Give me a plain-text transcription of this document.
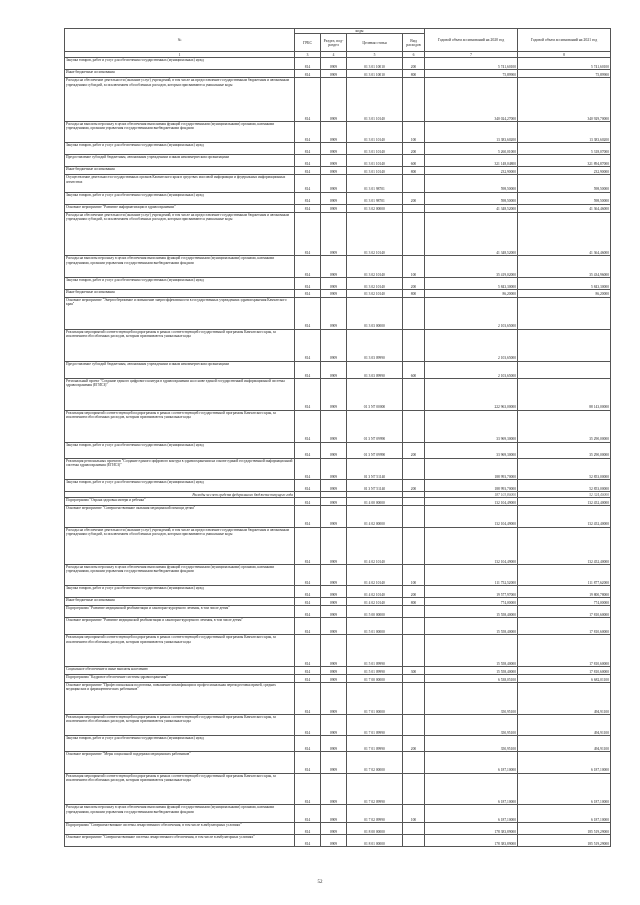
№	коды				Годовой объем ассигнований на 2020 год	Годовой объем ассигнований на 2021 год
	ГРБС	Раздел, под-раздел	Целевая статья	Вид расходов		
1	3	4	5	6	7	8
Закупка товаров, работ и услуг для обеспечения государственных (муниципальных) нужд	814	0909	01 3 01 10010	200	5 741,60100	5 741,60100
Иные бюджетные ассигнования	814	0909	01 3 01 10010	800	75,89900	75,89900
Расходы на обеспечение деятельности (оказание услуг) учреждений, в том числе на предоставление государственным бюджетным и автономным учреждениям субсидий, за исключением обособленных расходов, которым присваиваются уникальные коды	814	0909	01 3 01 10140		340 024,27000	340 929,70000
Расходы на выплаты персоналу в целях обеспечения выполнения функций государственными (муниципальными) органами, казенными учреждениями, органами управления государственными внебюджетными фондами	814	0909	01 3 01 10140	100	13 383,60200	13 383,60200
Закупка товаров, работ и услуг для обеспечения государственных (муниципальных) нужд	814	0909	01 3 01 10140	200	5 260,01000	5 318,07000
Предоставление субсидий бюджетным, автономным учреждениям и иным некоммерческим организациям	814	0909	01 3 01 10140	600	321 148,04800	321 894,87000
Иные бюджетные ассигнования	814	0909	01 3 01 10140	800	232,90000	232,90000
Осуществление деятельности государственных органов Камчатского края в средствах массовой информации и федеральных информационных агентствах	814	0909	01 3 01 98701		598,50000	598,50000
Закупка товаров, работ и услуг для обеспечения государственных (муниципальных) нужд	814	0909	01 3 01 98701	200	598,50000	598,50000
Основное мероприятие "Развитие информатизации в здравоохранении"	814	0909	01 3 02 00000		41 348,52000	41 364,46000
Расходы на обеспечение деятельности (оказание услуг) учреждений, в том числе на предоставление государственным бюджетным и автономным учреждениям субсидий, за исключением обособленных расходов, которым присваиваются уникальные коды	814	0909	01 3 02 10140		41 348,52000	41 364,46000
Расходы на выплаты персоналу в целях обеспечения выполнения функций государственными (муниципальными) органами, казенными учреждениями, органами управления государственными внебюджетными фондами	814	0909	01 3 02 10140	100	35 419,02000	35 434,96000
Закупка товаров, работ и услуг для обеспечения государственных (муниципальных) нужд	814	0909	01 3 02 10140	200	5 843,30000	5 843,30000
Иные бюджетные ассигнования	814	0909	01 3 02 10140	800	86,20000	86,20000
Основное мероприятие "Энергосбережение и повышение энергоэффективности в государственных учреждениях здравоохранения Камчатского края"	814	0909	01 3 03 00000		2 103,65000	
Реализация мероприятий соответствующей подпрограммы в рамках соответствующей государственной программы Камчатского края, за исключением обособленных расходов, которым присваиваются уникальные коды	814	0909	01 3 03 09990		2 103,65000	
Предоставление субсидий бюджетным, автономным учреждениям и иным некоммерческим организациям	814	0909	01 3 03 09990	600	2 103,65000	
Региональный проект "Создание единого цифрового контура в здравоохранении на основе единой государственной информационной системы здравоохранения (ЕГИСЗ)"	814	0909	01 3 N7 00000		222 963,00000	88 143,00000
Реализация мероприятий соответствующей подпрограммы в рамках соответствующей государственной программы Камчатского края, за исключением обособленных расходов, которым присваиваются уникальные коды	814	0909	01 3 N7 09990		33 969,30000	35 290,00000
Закупка товаров, работ и услуг для обеспечения государственных (муниципальных) нужд	814	0909	01 3 N7 09990	200	33 969,30000	35 290,00000
Реализация региональных проектов "Создание единого цифрового контура в здравоохранении на основе единой государственной информационной системы здравоохранения (ЕГИСЗ)"	814	0909	01 3 N7 51140		188 993,70000	52 853,00000
Закупка товаров, работ и услуг для обеспечения государственных (муниципальных) нужд	814	0909	01 3 N7 51140	200	188 993,70000	52 853,00000
Расходы за счет средств федерального бюджета текущего года					187 103,80000	52 324,40000
Подпрограмма "Охрана здоровья матери и ребенка"	814	0909	01 4 00 00000		132 104,49000	132 452,40000
Основное мероприятие "Совершенствование оказания медицинской помощи детям"	814	0909	01 4 02 00000		132 104,49000	132 452,40000
Расходы на обеспечение деятельности (оказание услуг) учреждений, в том числе на предоставление государственным бюджетным и автономным учреждениям субсидий, за исключением обособленных расходов, которым присваиваются уникальные коды	814	0909	01 4 02 10140		132 104,49000	132 452,40000
Расходы на выплаты персоналу в целях обеспечения выполнения функций государственными (муниципальными) органами, казенными учреждениями, органами управления государственными внебюджетными фондами	814	0909	01 4 02 10140	100	111 752,52000	111 877,62000
Закупка товаров, работ и услуг для обеспечения государственных (муниципальных) нужд	814	0909	01 4 02 10140	200	19 577,97000	19 800,78000
Иные бюджетные ассигнования	814	0909	01 4 02 10140	800	774,00000	774,00000
Подпрограмма "Развитие медицинской реабилитации и санаторно-курортного лечения, в том числе детям"	814	0909	01 5 00 00000		15 558,40000	17 810,60000
Основное мероприятие "Развитие медицинской реабилитации и санаторно-курортного лечения, в том числе детям"	814	0909	01 5 01 00000		15 558,40000	17 810,60000
Реализация мероприятий соответствующей подпрограммы в рамках соответствующей государственной программы Камчатского края, за исключением обособленных расходов, которым присваиваются уникальные коды	814	0909	01 5 01 09990		15 558,40000	17 810,60000
Социальное обеспечение и иные выплаты населению	814	0909	01 5 01 09990	300	15 558,40000	17 810,60000
Подпрограмма "Кадровое обеспечение системы здравоохранения"	814	0909	01 7 00 00000		6 538,05100	6 682,01100
Основное мероприятие "Профессиональная подготовка, повышение квалификации и профессиональная переподготовка врачей, средних медицинских и фармацевтических работников"	814	0909	01 7 01 00000		350,95100	494,91100
Реализация мероприятий соответствующей подпрограммы в рамках соответствующей государственной программы Камчатского края, за исключением обособленных расходов, которым присваиваются уникальные коды	814	0909	01 7 01 09990		350,95100	494,91100
Закупка товаров, работ и услуг для обеспечения государственных (муниципальных) нужд	814	0909	01 7 01 09990	200	350,95100	494,91100
Основное мероприятие "Меры социальной поддержки медицинских работников"	814	0909	01 7 02 00000		6 187,10000	6 187,10000
Реализация мероприятий соответствующей подпрограммы в рамках соответствующей государственной программы Камчатского края, за исключением обособленных расходов, которым присваиваются уникальные коды	814	0909	01 7 02 09990		6 187,10000	6 187,10000
Расходы на выплаты персоналу в целях обеспечения выполнения функций государственными (муниципальными) органами, казенными учреждениями, органами управления государственными внебюджетными фондами	814	0909	01 7 02 09990	100	6 187,10000	6 187,10000
Подпрограмма "Совершенствование системы лекарственного обеспечения, в том числе в амбулаторных условиях"	814	0909	01 8 00 00000		178 383,89000	185 519,29000
Основное мероприятие "Совершенствование системы лекарственного обеспечения, в том числе в амбулаторных условиях"	814	0909	01 8 01 00000		178 383,89000	185 519,29000
52
